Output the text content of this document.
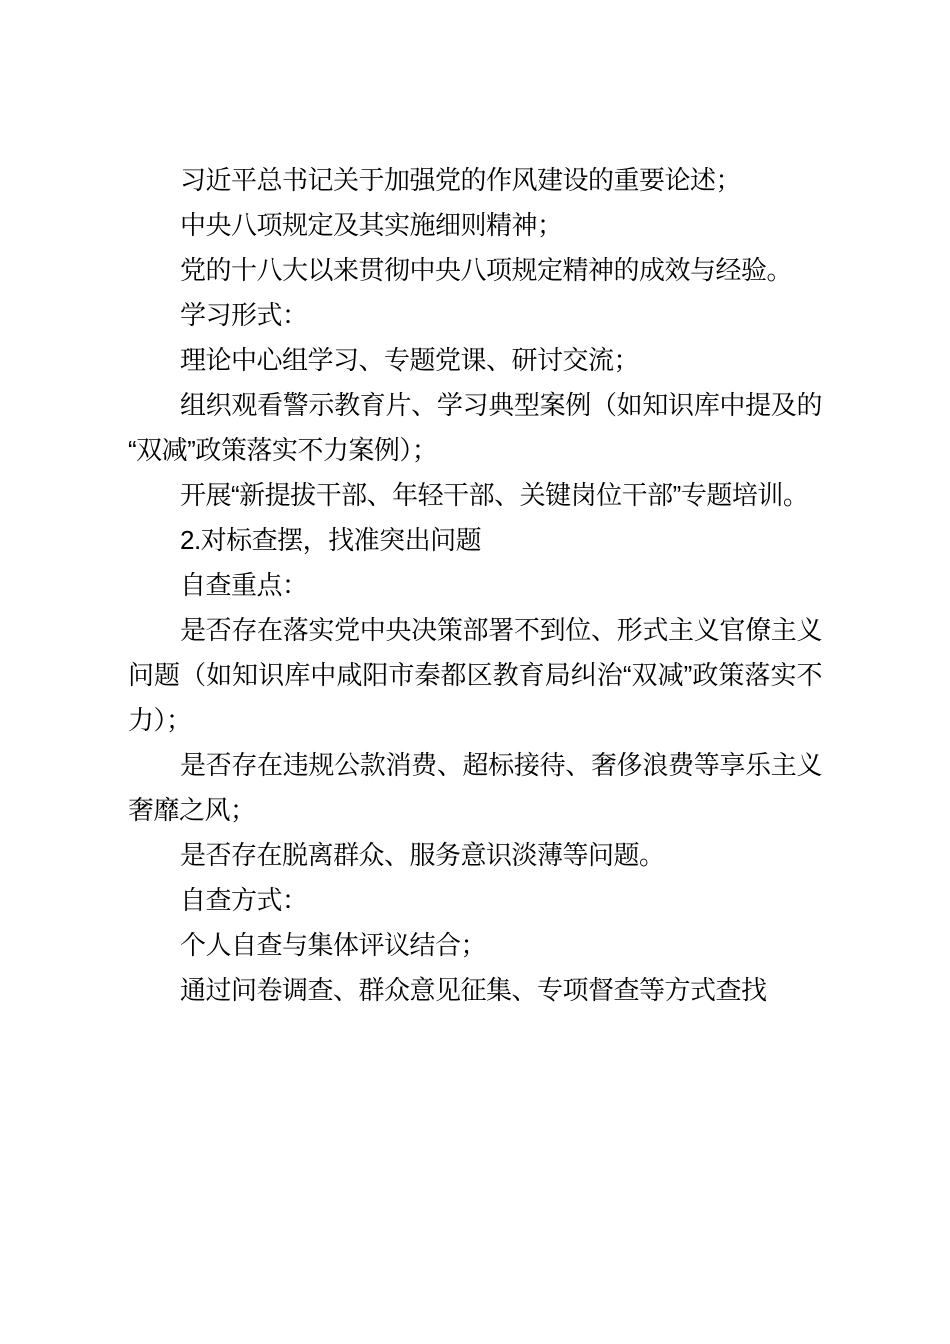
习近平总书记关于加强党的作风建设的重要论述；
中央八项规定及其实施细则精神；
党的十八大以来贯彻中央八项规定精神的成效与经验。
学习形式：
理论中心组学习、专题党课、研讨交流；
组织观看警示教育片、学习典型案例（如知识库中提及的
“双减”政策落实不力案例）；
开展“新提拔干部、年轻干部、关键岗位干部”专题培训。
2.对标查摆，找准突出问题
自查重点：
是否存在落实党中央决策部署不到位、形式主义官僚主义
问题（如知识库中咸阳市秦都区教育局纠治“双减”政策落实不
力）；
是否存在违规公款消费、超标接待、奢侈浪费等享乐主义
奢靡之风；
是否存在脱离群众、服务意识淡薄等问题。
自查方式：
个人自查与集体评议结合；
通过问卷调查、群众意见征集、专项督查等方式查找
